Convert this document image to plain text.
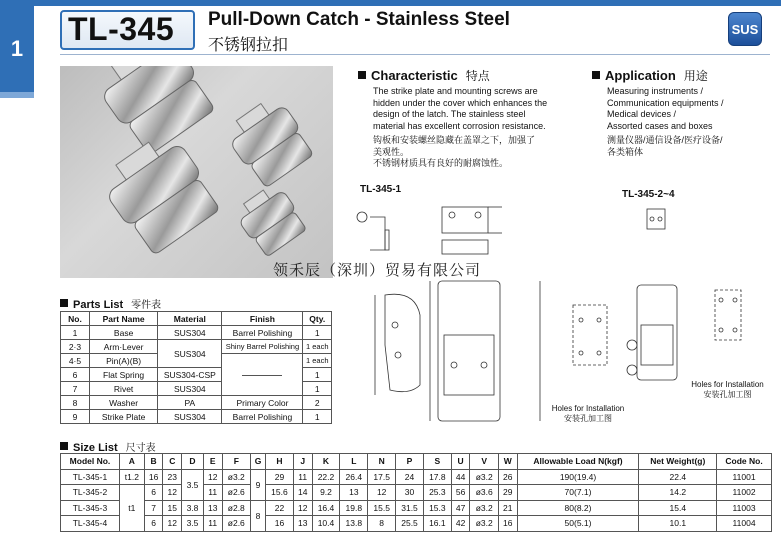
1
TL-345 Pull-Down Catch - Stainless Steel
不锈钢拉扣
SUS
Characteristic 特点
The strike plate and mounting screws are
hidden under the cover which enhances the
design of the latch. The stainless steel
material has excellent corrosion resistance.
钩板和安装螺丝隐藏在盖罩之下，加强了
美观性。
不锈钢材质具有良好的耐腐蚀性。
Application 用途
Measuring instruments /
Communication equipments /
Medical devices /
Assorted cases and boxes
测量仪器/通信设备/医疗设备/
各类箱体
TL-345-1	TL-345-2~4
Holes for Installation
安装孔加工图
Holes for Installation
安装孔加工图
领禾辰（深圳）贸易有限公司
Parts List 零件表
No.	Part Name	Material	Finish	Qty.
1	Base	SUS304	Barrel Polishing	1
2·3	Arm·Lever	SUS304	Shiny Barrel Polishing	1 each
4·5	Pin(A)(B)			1 each
6	Flat Spring	SUS304-CSP		1
7	Rivet	SUS304		1
8	Washer	PA	Primary Color	2
9	Strike Plate	SUS304	Barrel Polishing	1
Size List 尺寸表
Model No.	A	B	C	D	E	F	G	H	J	K	L	N	P	S	U	V	W	Allowable Load N(kgf)	Net Weight(g)	Code No.
TL-345-1	t1.2	16	23	3.5	12	ø3.2	9	29	11	22.2	26.4	17.5	24	17.8	44	ø3.2	26	190(19.4)	22.4	11001
TL-345-2	t1	6	12		11	ø2.6		15.6	14	9.2	13	12	30	25.3	56	ø3.6	29	70(7.1)	14.2	11002
TL-345-3		7	15	3.8	13	ø2.8	8	22	12	16.4	19.8	15.5	31.5	15.3	47	ø3.2	21	80(8.2)	15.4	11003
TL-345-4		6	12	3.5	11	ø2.6		16	13	10.4	13.8	8	25.5	16.1	42	ø3.2	16	50(5.1)	10.1	11004
